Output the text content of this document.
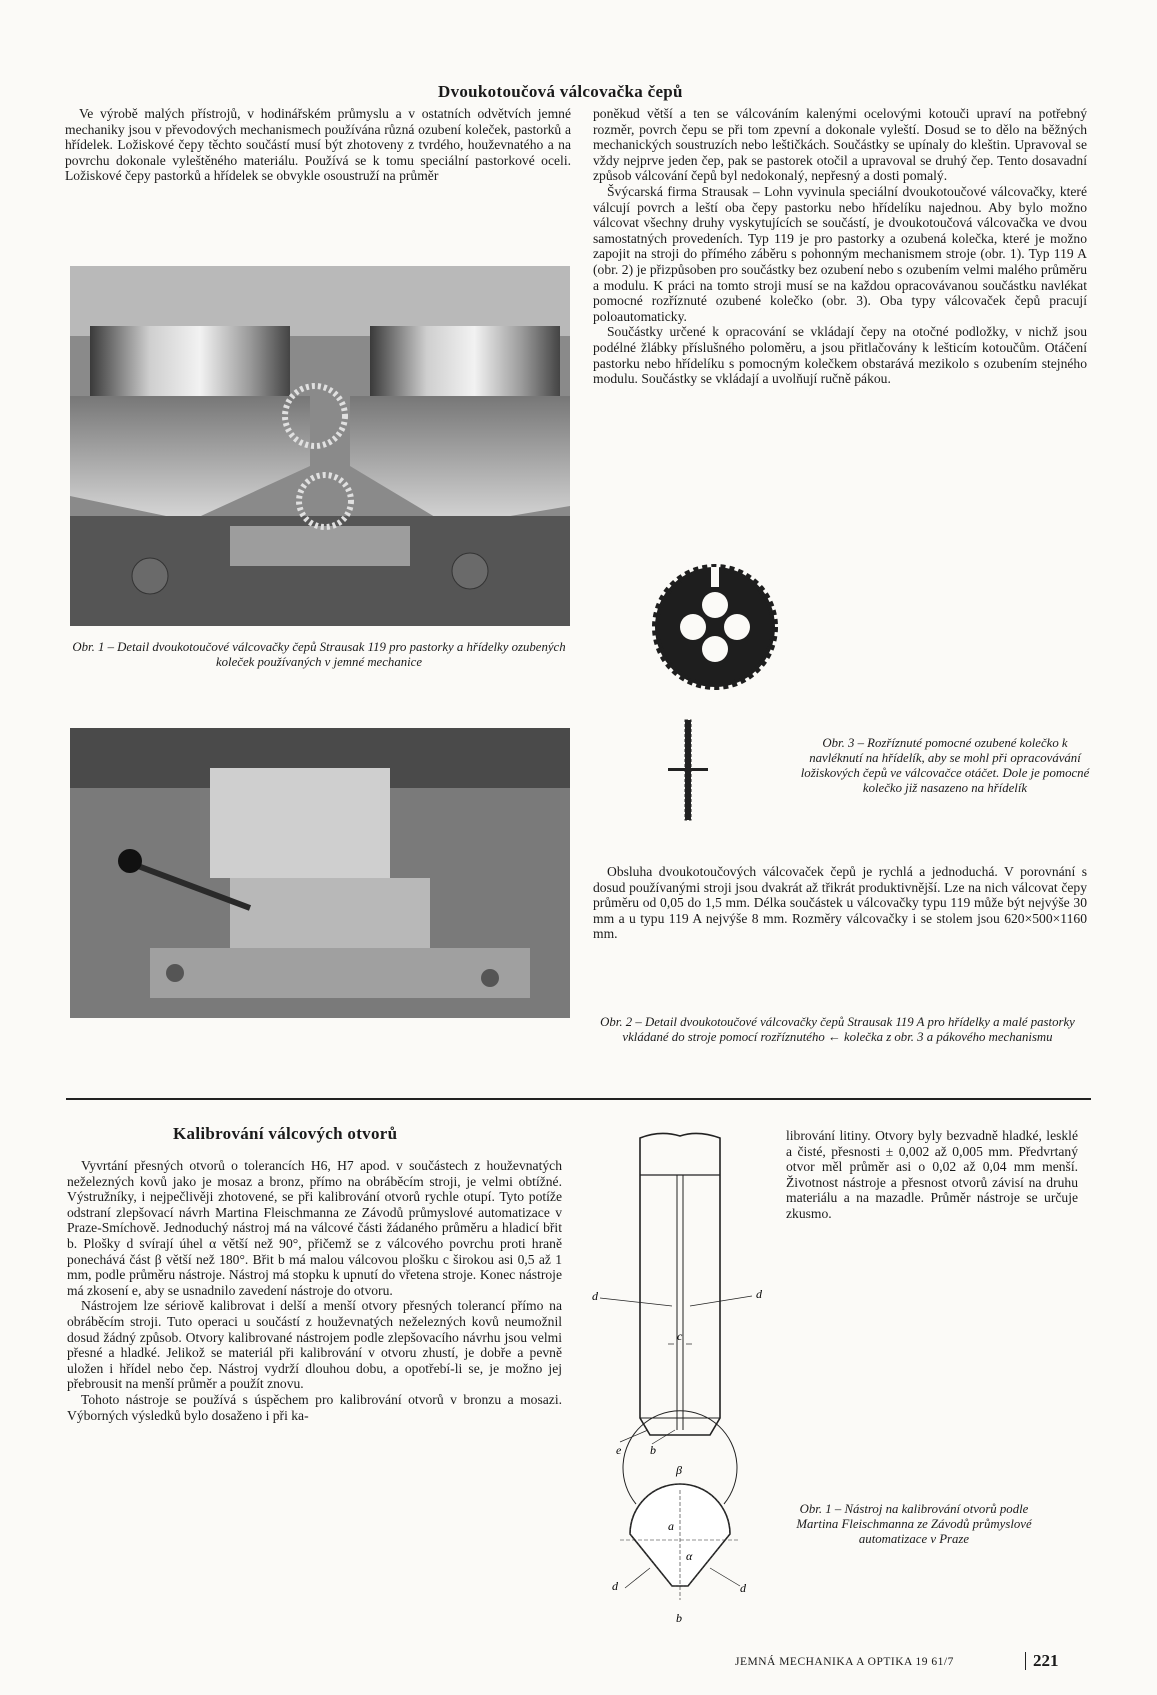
Dvoukotoučová válcovačka čepů

Ve výrobě malých přístrojů, v hodinářském průmyslu a v ostatních odvětvích jemné mechaniky jsou v převodových mechanismech používána různá ozubení koleček, pastorků a hřídelek. Ložiskové čepy těchto součástí musí být zhotoveny z tvrdého, houževnatého a na povrchu dokonale vyleštěného materiálu. Používá se k tomu speciální pastorkové oceli. Ložiskové čepy pastorků a hřídelek se obvykle osoustruží na průměr

poněkud větší a ten se válcováním kalenými ocelovými kotouči upraví na potřebný rozměr, povrch čepu se při tom zpevní a dokonale vyleští. Dosud se to dělo na běžných mechanických soustruzích nebo leštičkách. Součástky se upínaly do kleštin. Upravoval se vždy nejprve jeden čep, pak se pastorek otočil a upravoval se druhý čep. Tento dosavadní způsob válcování čepů byl nedokonalý, nepřesný a dosti pomalý.

Švýcarská firma Strausak – Lohn vyvinula speciální dvoukotoučové válcovačky, které válcují povrch a leští oba čepy pastorku nebo hřídelíku najednou. Aby bylo možno válcovat všechny druhy vyskytujících se součástí, je dvoukotoučová válcovačka ve dvou samostatných provedeních. Typ 119 je pro pastorky a ozubená kolečka, které je možno zapojit na stroji do přímého záběru s pohonným mechanismem stroje (obr. 1). Typ 119 A (obr. 2) je přizpůsoben pro součástky bez ozubení nebo s ozubením velmi malého průměru a modulu. K práci na tomto stroji musí se na každou opracovávanou součástku navlékat pomocné rozříznuté ozubené kolečko (obr. 3). Oba typy válcovaček čepů pracují poloautomaticky.

Součástky určené k opracování se vkládají čepy na otočné podložky, v nichž jsou podélné žlábky příslušného poloměru, a jsou přitlačovány k lešticím kotoučům. Otáčení pastorku nebo hřídelíku s pomocným kolečkem obstarává mezikolo s ozubením stejného modulu. Součástky se vkládají a uvolňují ručně pákou.

Obr. 1 – Detail dvoukotoučové válcovačky čepů Strausak 119 pro pastorky a hřídelky ozubených koleček používaných v jemné mechanice
Obr. 3 – Rozříznuté pomocné ozubené kolečko k navléknutí na hřídelík, aby se mohl při opracovávání ložiskových čepů ve válcovačce otáčet. Dole je pomocné kolečko již nasazeno na hřídelík

Obsluha dvoukotoučových válcovaček čepů je rychlá a jednoduchá. V porovnání s dosud používanými stroji jsou dvakrát až třikrát produktivnější. Lze na nich válcovat čepy průměru od 0,05 do 1,5 mm. Délka součástek u válcovačky typu 119 může být nejvýše 30 mm a u typu 119 A nejvýše 8 mm. Rozměry válcovačky i se stolem jsou 620×500×1160 mm.

Obr. 2 – Detail dvoukotoučové válcovačky čepů Strausak 119 A pro hřídelky a malé pastorky vkládané do stroje pomocí rozříznutého ← kolečka z obr. 3 a pákového mechanismu
Kalibrování válcových otvorů

Vyvrtání přesných otvorů o tolerancích H6, H7 apod. v součástech z houževnatých neželezných kovů jako je mosaz a bronz, přímo na obráběcím stroji, je velmi obtížné. Výstružníky, i nejpečlivěji zhotovené, se při kalibrování otvorů rychle otupí. Tyto potíže odstraní zlepšovací návrh Martina Fleischmanna ze Závodů průmyslové automatizace v Praze-Smíchově. Jednoduchý nástroj má na válcové části žádaného průměru a hladicí břit b. Plošky d svírají úhel α větší než 90°, přičemž se z válcového povrchu proti hraně ponechává část β větší než 180°. Břit b má malou válcovou plošku c širokou asi 0,5 až 1 mm, podle průměru nástroje. Nástroj má stopku k upnutí do vřetena stroje. Konec nástroje má zkosení e, aby se usnadnilo zavedení nástroje do otvoru.

Nástrojem lze sériově kalibrovat i delší a menší otvory přesných tolerancí přímo na obráběcím stroji. Tuto operaci u součástí z houževnatých neželezných kovů neumožnil dosud žádný způsob. Otvory kalibrované nástrojem podle zlepšovacího návrhu jsou velmi přesné a hladké. Jelikož se materiál při kalibrování v otvoru zhustí, je dobře a pevně uložen i hřídel nebo čep. Nástroj vydrží dlouhou dobu, a opotřebí-li se, je možno jej přebrousit na menší průměr a použít znovu.

Tohoto nástroje se používá s úspěchem pro kalibrování otvorů v bronzu a mosazi. Výborných výsledků bylo dosaženo i při ka-

librování litiny. Otvory byly bezvadně hladké, lesklé a čisté, přesnosti ± 0,002 až 0,005 mm. Předvrtaný otvor měl průměr asi o 0,02 až 0,04 mm menší. Životnost nástroje a přesnost otvorů závisí na druhu materiálu a na mazadle. Průměr nástroje se určuje zkusmo.

d	d
c
e b
β
α
a
d	d
b
Obr. 1 – Nástroj na kalibrování otvorů podle Martina Fleischmanna ze Závodů průmyslové automatizace v Praze
JEMNÁ MECHANIKA A OPTIKA 19 61/7	221
